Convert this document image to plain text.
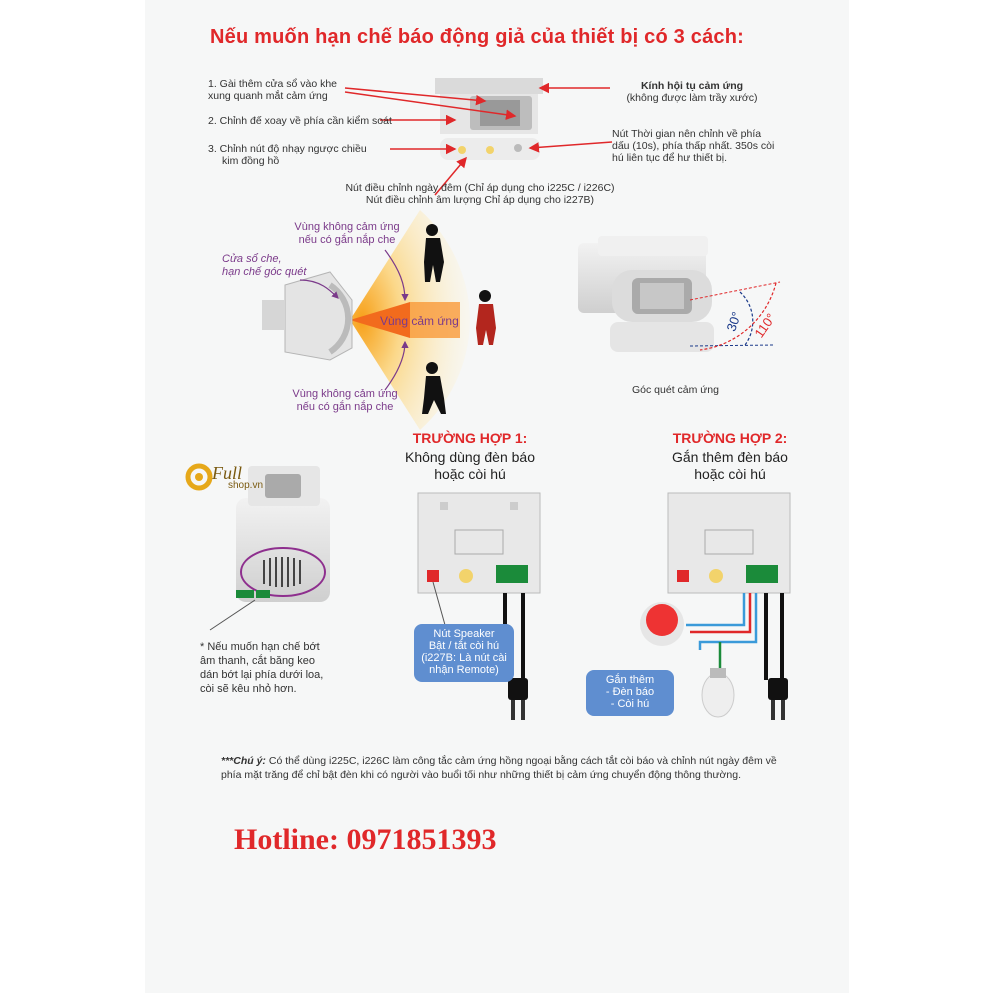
Nếu muốn hạn chế báo động giả của thiết bị có 3 cách:
1. Gài thêm cửa sổ vào khe
xung quanh mắt cảm ứng
2. Chỉnh đế xoay về phía cần kiểm soát
3. Chỉnh nút độ nhạy ngược chiều
kim đồng hồ
Kính hội tụ cảm ứng
(không được làm trầy xước)
Nút Thời gian nên chỉnh về phía
dấu (10s), phía thấp nhất. 350s còi
hú liên tục để hư thiết bị.
Nút điều chỉnh ngày đêm (Chỉ áp dụng cho i225C / i226C)
Nút điều chỉnh âm lượng Chỉ áp dụng cho i227B)
Vùng không cảm ứng
nếu có gắn nắp che
Cửa sổ che,
hạn chế góc quét
Vùng cảm ứng
Vùng không cảm ứng
nếu có gắn nắp che
30° 110°
Góc quét cảm ứng
Full
shop.vn
* Nếu muốn hạn chế bớt
âm thanh, cắt băng keo
dán bớt lại phía dưới loa,
còi sẽ kêu nhỏ hơn.
TRƯỜNG HỢP 1:
Không dùng đèn báo
hoặc còi hú
TRƯỜNG HỢP 2:
Gắn thêm đèn báo
hoặc còi hú
Nút Speaker
Bật / tắt còi hú
(i227B: Là nút cài
nhận Remote)
Gắn thêm
- Đèn báo
- Còi hú
***Chú ý: Có thể dùng i225C, i226C làm công tắc cảm ứng hồng ngoại bằng cách tắt còi báo và chỉnh nút ngày đêm về phía mặt trăng để chỉ bật đèn khi có người vào buổi tối như những thiết bị cảm ứng chuyển động thông thường.
Hotline: 0971851393
